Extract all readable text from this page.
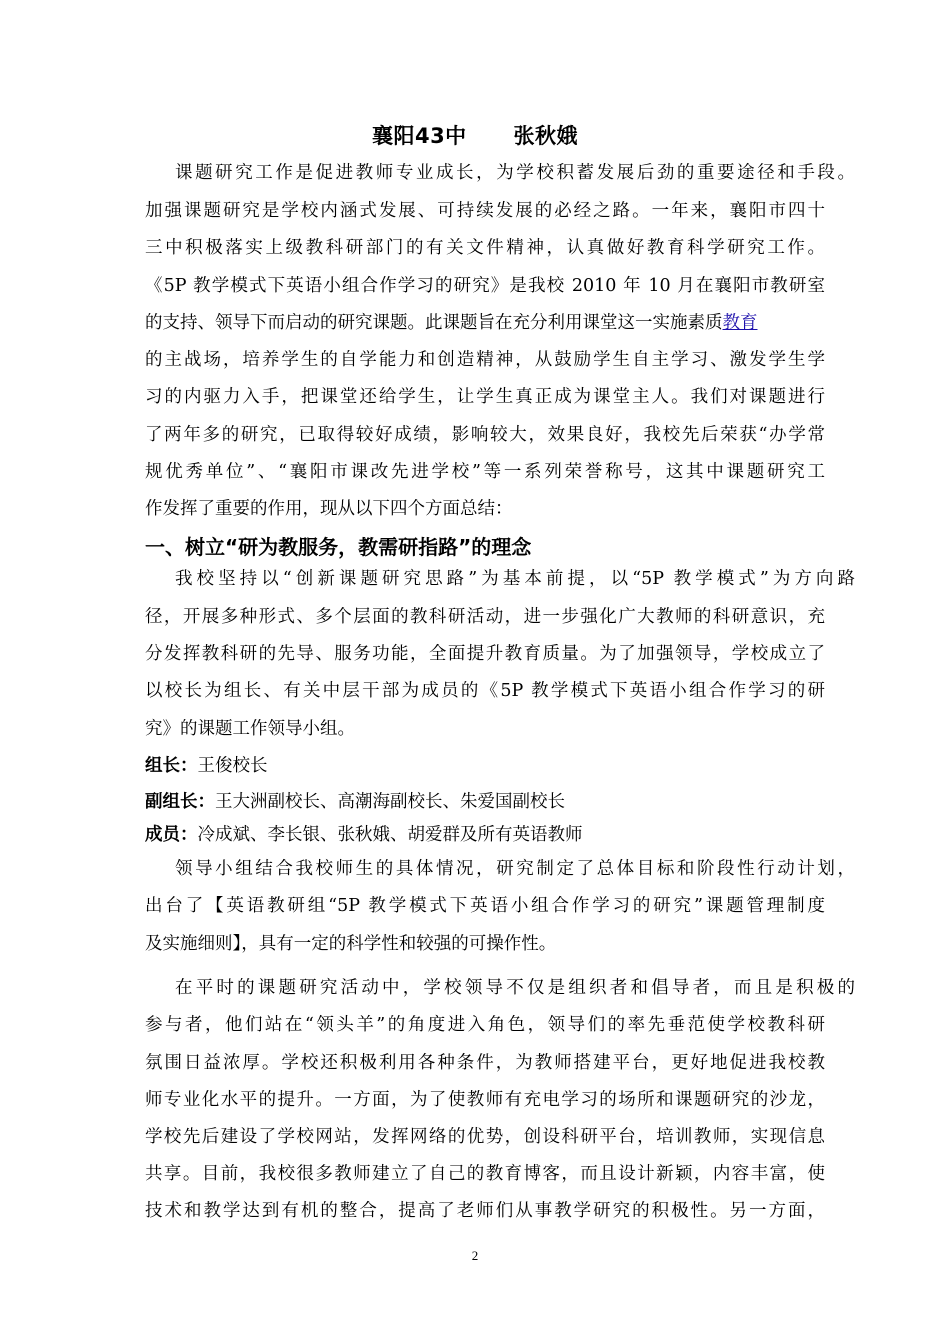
襄阳43中      张秋娥
课题研究工作是促进教师专业成长，为学校积蓄发展后劲的重要途径和手段。
加强课题研究是学校内涵式发展、可持续发展的必经之路。一年来，襄阳市四十
三中积极落实上级教科研部门的有关文件精神，认真做好教育科学研究工作。
《5P 教学模式下英语小组合作学习的研究》是我校 2010 年 10 月在襄阳市教研室
的支持、领导下而启动的研究课题。此课题旨在充分利用课堂这一实施素质教育
的主战场，培养学生的自学能力和创造精神，从鼓励学生自主学习、激发学生学
习的内驱力入手，把课堂还给学生，让学生真正成为课堂主人。我们对课题进行
了两年多的研究，已取得较好成绩，影响较大，效果良好，我校先后荣获“办学常
规优秀单位”、“襄阳市课改先进学校”等一系列荣誉称号，这其中课题研究工
作发挥了重要的作用，现从以下四个方面总结：
一、树立“研为教服务，教需研指路”的理念
我校坚持以“创新课题研究思路”为基本前提，以“5P 教学模式”为方向路
径，开展多种形式、多个层面的教科研活动，进一步强化广大教师的科研意识，充
分发挥教科研的先导、服务功能，全面提升教育质量。为了加强领导，学校成立了
以校长为组长、有关中层干部为成员的《5P 教学模式下英语小组合作学习的研
究》的课题工作领导小组。
组长：王俊校长
副组长：王大洲副校长、高潮海副校长、朱爱国副校长
成员：冷成斌、李长银、张秋娥、胡爱群及所有英语教师
领导小组结合我校师生的具体情况，研究制定了总体目标和阶段性行动计划，
出台了【英语教研组“5P 教学模式下英语小组合作学习的研究”课题管理制度
及实施细则】，具有一定的科学性和较强的可操作性。
在平时的课题研究活动中，学校领导不仅是组织者和倡导者，而且是积极的
参与者，他们站在“领头羊”的角度进入角色，领导们的率先垂范使学校教科研
氛围日益浓厚。学校还积极利用各种条件，为教师搭建平台，更好地促进我校教
师专业化水平的提升。一方面，为了使教师有充电学习的场所和课题研究的沙龙，
学校先后建设了学校网站，发挥网络的优势，创设科研平台，培训教师，实现信息
共享。目前，我校很多教师建立了自己的教育博客，而且设计新颖，内容丰富，使
技术和教学达到有机的整合，提高了老师们从事教学研究的积极性。另一方面，
2
